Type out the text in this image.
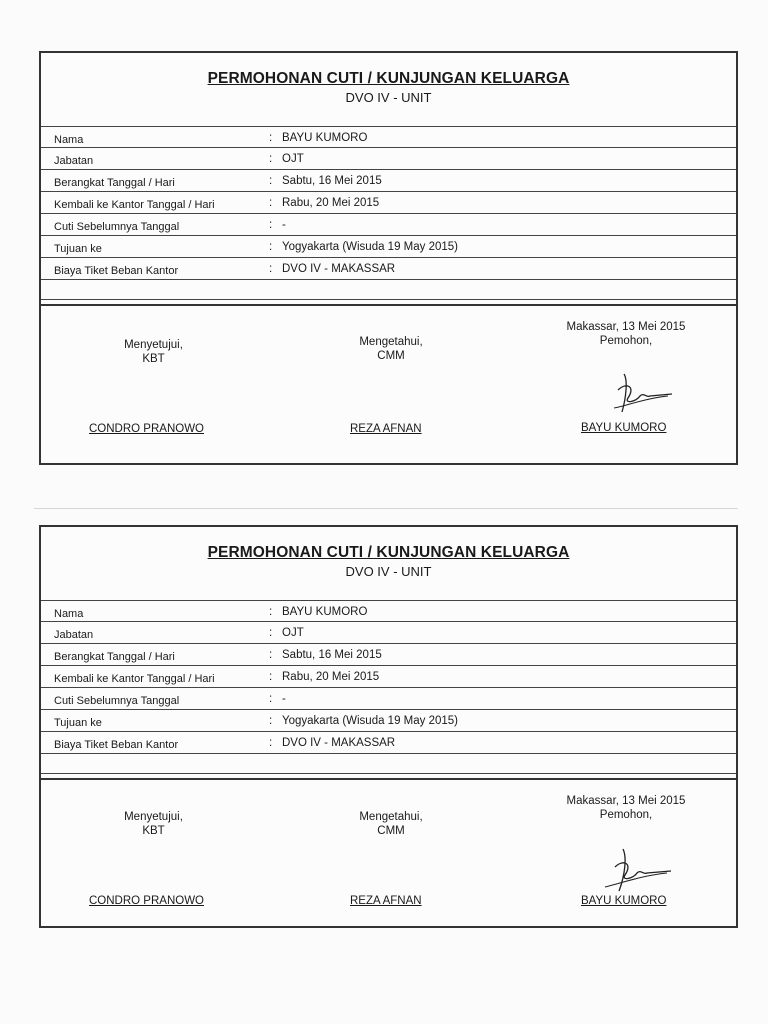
PERMOHONAN CUTI / KUNJUNGAN KELUARGA
DVO IV - UNIT
Nama	: BAYU KUMORO
Jabatan	: OJT
Berangkat Tanggal / Hari	: Sabtu, 16 Mei 2015
Kembali ke Kantor Tanggal / Hari	: Rabu, 20 Mei 2015
Cuti Sebelumnya Tanggal	: -
Tujuan ke	: Yogyakarta (Wisuda 19 May 2015)
Biaya Tiket Beban Kantor	: DVO IV - MAKASSAR
Menyetujui,
KBT
Mengetahui,
CMM
Makassar, 13 Mei 2015
Pemohon,
CONDRO PRANOWO	REZA AFNAN	BAYU KUMORO
PERMOHONAN CUTI / KUNJUNGAN KELUARGA
DVO IV - UNIT
Nama	: BAYU KUMORO
Jabatan	: OJT
Berangkat Tanggal / Hari	: Sabtu, 16 Mei 2015
Kembali ke Kantor Tanggal / Hari	: Rabu, 20 Mei 2015
Cuti Sebelumnya Tanggal	: -
Tujuan ke	: Yogyakarta (Wisuda 19 May 2015)
Biaya Tiket Beban Kantor	: DVO IV - MAKASSAR
Menyetujui,
KBT
Mengetahui,
CMM
Makassar, 13 Mei 2015
Pemohon,
CONDRO PRANOWO	REZA AFNAN	BAYU KUMORO
